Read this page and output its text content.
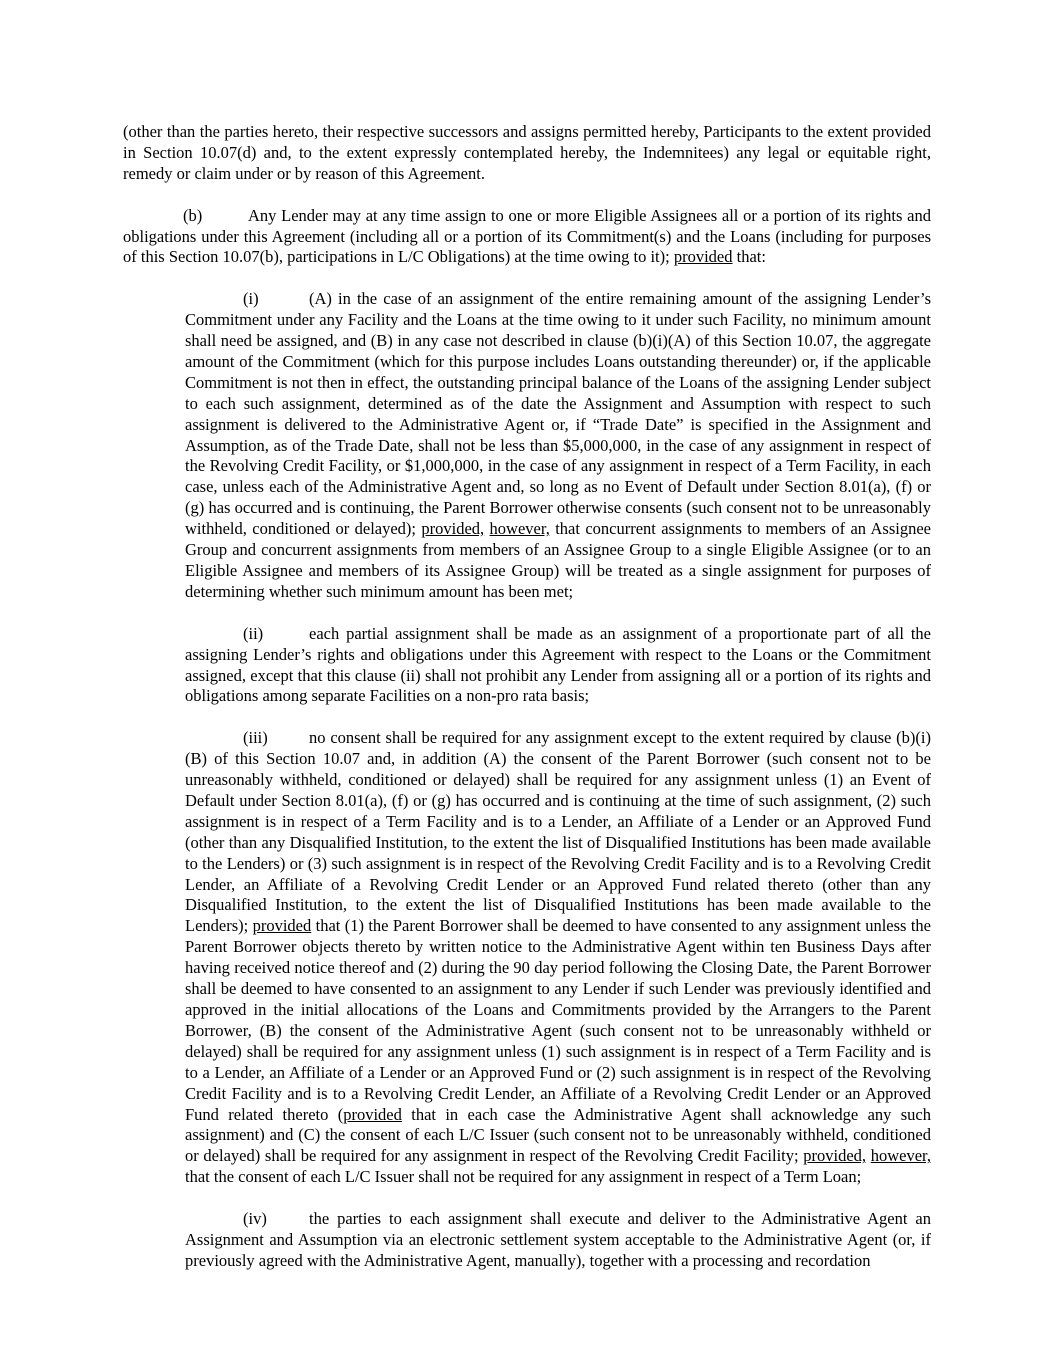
(other than the parties hereto, their respective successors and assigns permitted hereby, Participants to the extent provided in Section 10.07(d) and, to the extent expressly contemplated hereby, the Indemnitees) any legal or equitable right, remedy or claim under or by reason of this Agreement.

(b)	Any Lender may at any time assign to one or more Eligible Assignees all or a portion of its rights and obligations under this Agreement (including all or a portion of its Commitment(s) and the Loans (including for purposes of this Section 10.07(b), participations in L/C Obligations) at the time owing to it); provided that:

(i)	(A) in the case of an assignment of the entire remaining amount of the assigning Lender’s Commitment under any Facility and the Loans at the time owing to it under such Facility, no minimum amount shall need be assigned, and (B) in any case not described in clause (b)(i)(A) of this Section 10.07, the aggregate amount of the Commitment (which for this purpose includes Loans outstanding thereunder) or, if the applicable Commitment is not then in effect, the outstanding principal balance of the Loans of the assigning Lender subject to each such assignment, determined as of the date the Assignment and Assumption with respect to such assignment is delivered to the Administrative Agent or, if “Trade Date” is specified in the Assignment and Assumption, as of the Trade Date, shall not be less than $5,000,000, in the case of any assignment in respect of the Revolving Credit Facility, or $1,000,000, in the case of any assignment in respect of a Term Facility, in each case, unless each of the Administrative Agent and, so long as no Event of Default under Section 8.01(a), (f) or (g) has occurred and is continuing, the Parent Borrower otherwise consents (such consent not to be unreasonably withheld, conditioned or delayed); provided, however, that concurrent assignments to members of an Assignee Group and concurrent assignments from members of an Assignee Group to a single Eligible Assignee (or to an Eligible Assignee and members of its Assignee Group) will be treated as a single assignment for purposes of determining whether such minimum amount has been met;

(ii)	each partial assignment shall be made as an assignment of a proportionate part of all the assigning Lender’s rights and obligations under this Agreement with respect to the Loans or the Commitment assigned, except that this clause (ii) shall not prohibit any Lender from assigning all or a portion of its rights and obligations among separate Facilities on a non-pro rata basis;

(iii)	no consent shall be required for any assignment except to the extent required by clause (b)(i)(B) of this Section 10.07 and, in addition (A) the consent of the Parent Borrower (such consent not to be unreasonably withheld, conditioned or delayed) shall be required for any assignment unless (1) an Event of Default under Section 8.01(a), (f) or (g) has occurred and is continuing at the time of such assignment, (2) such assignment is in respect of a Term Facility and is to a Lender, an Affiliate of a Lender or an Approved Fund (other than any Disqualified Institution, to the extent the list of Disqualified Institutions has been made available to the Lenders) or (3) such assignment is in respect of the Revolving Credit Facility and is to a Revolving Credit Lender, an Affiliate of a Revolving Credit Lender or an Approved Fund related thereto (other than any Disqualified Institution, to the extent the list of Disqualified Institutions has been made available to the Lenders); provided that (1) the Parent Borrower shall be deemed to have consented to any assignment unless the Parent Borrower objects thereto by written notice to the Administrative Agent within ten Business Days after having received notice thereof and (2) during the 90 day period following the Closing Date, the Parent Borrower shall be deemed to have consented to an assignment to any Lender if such Lender was previously identified and approved in the initial allocations of the Loans and Commitments provided by the Arrangers to the Parent Borrower, (B) the consent of the Administrative Agent (such consent not to be unreasonably withheld or delayed) shall be required for any assignment unless (1) such assignment is in respect of a Term Facility and is to a Lender, an Affiliate of a Lender or an Approved Fund or (2) such assignment is in respect of the Revolving Credit Facility and is to a Revolving Credit Lender, an Affiliate of a Revolving Credit Lender or an Approved Fund related thereto (provided that in each case the Administrative Agent shall acknowledge any such assignment) and (C) the consent of each L/C Issuer (such consent not to be unreasonably withheld, conditioned or delayed) shall be required for any assignment in respect of the Revolving Credit Facility; provided, however, that the consent of each L/C Issuer shall not be required for any assignment in respect of a Term Loan;

(iv)	the parties to each assignment shall execute and deliver to the Administrative Agent an Assignment and Assumption via an electronic settlement system acceptable to the Administrative Agent (or, if previously agreed with the Administrative Agent, manually), together with a processing and recordation
